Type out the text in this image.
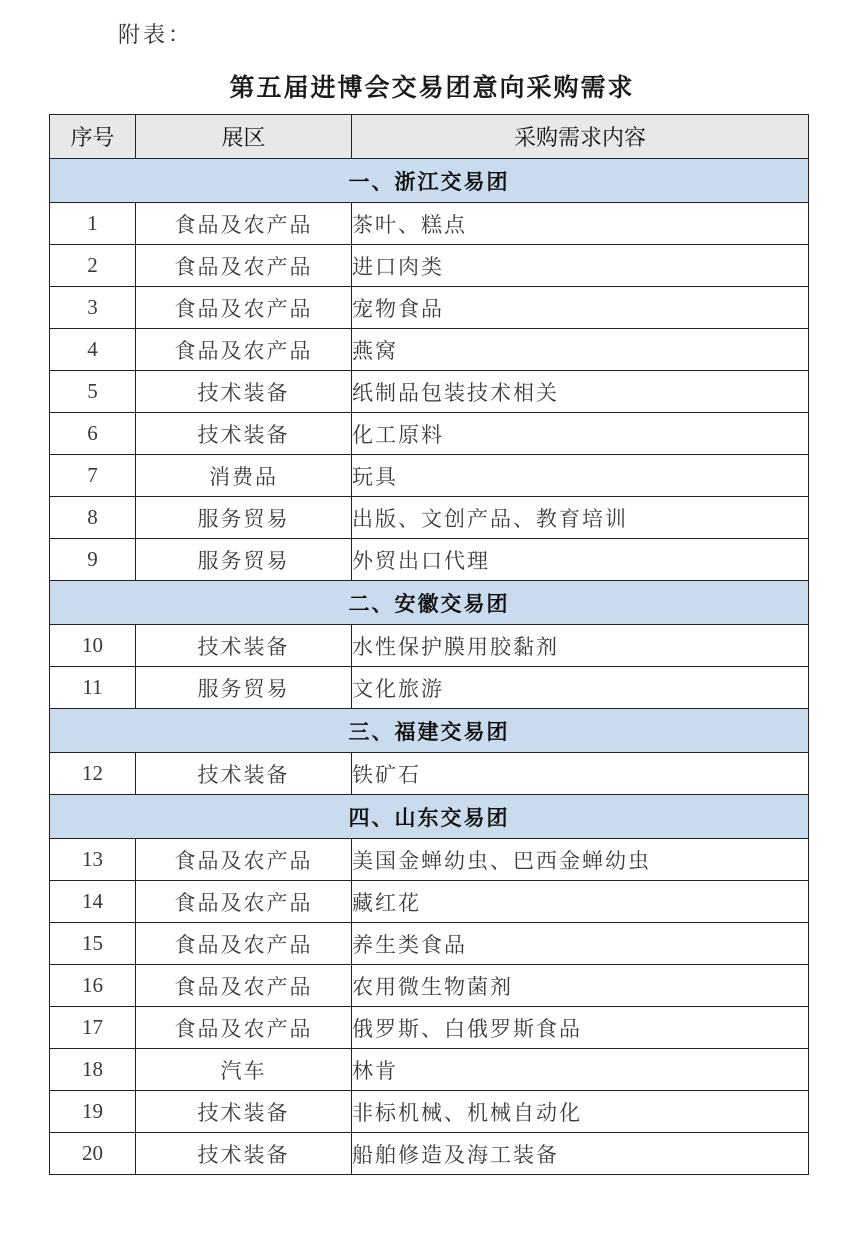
附表：
第五届进博会交易团意向采购需求
序号	展区	采购需求内容
一、浙江交易团		
1	食品及农产品	茶叶、糕点
2	食品及农产品	进口肉类
3	食品及农产品	宠物食品
4	食品及农产品	燕窝
5	技术装备	纸制品包装技术相关
6	技术装备	化工原料
7	消费品	玩具
8	服务贸易	出版、文创产品、教育培训
9	服务贸易	外贸出口代理
二、安徽交易团		
10	技术装备	水性保护膜用胶黏剂
11	服务贸易	文化旅游
三、福建交易团		
12	技术装备	铁矿石
四、山东交易团		
13	食品及农产品	美国金蝉幼虫、巴西金蝉幼虫
14	食品及农产品	藏红花
15	食品及农产品	养生类食品
16	食品及农产品	农用微生物菌剂
17	食品及农产品	俄罗斯、白俄罗斯食品
18	汽车	林肯
19	技术装备	非标机械、机械自动化
20	技术装备	船舶修造及海工装备
